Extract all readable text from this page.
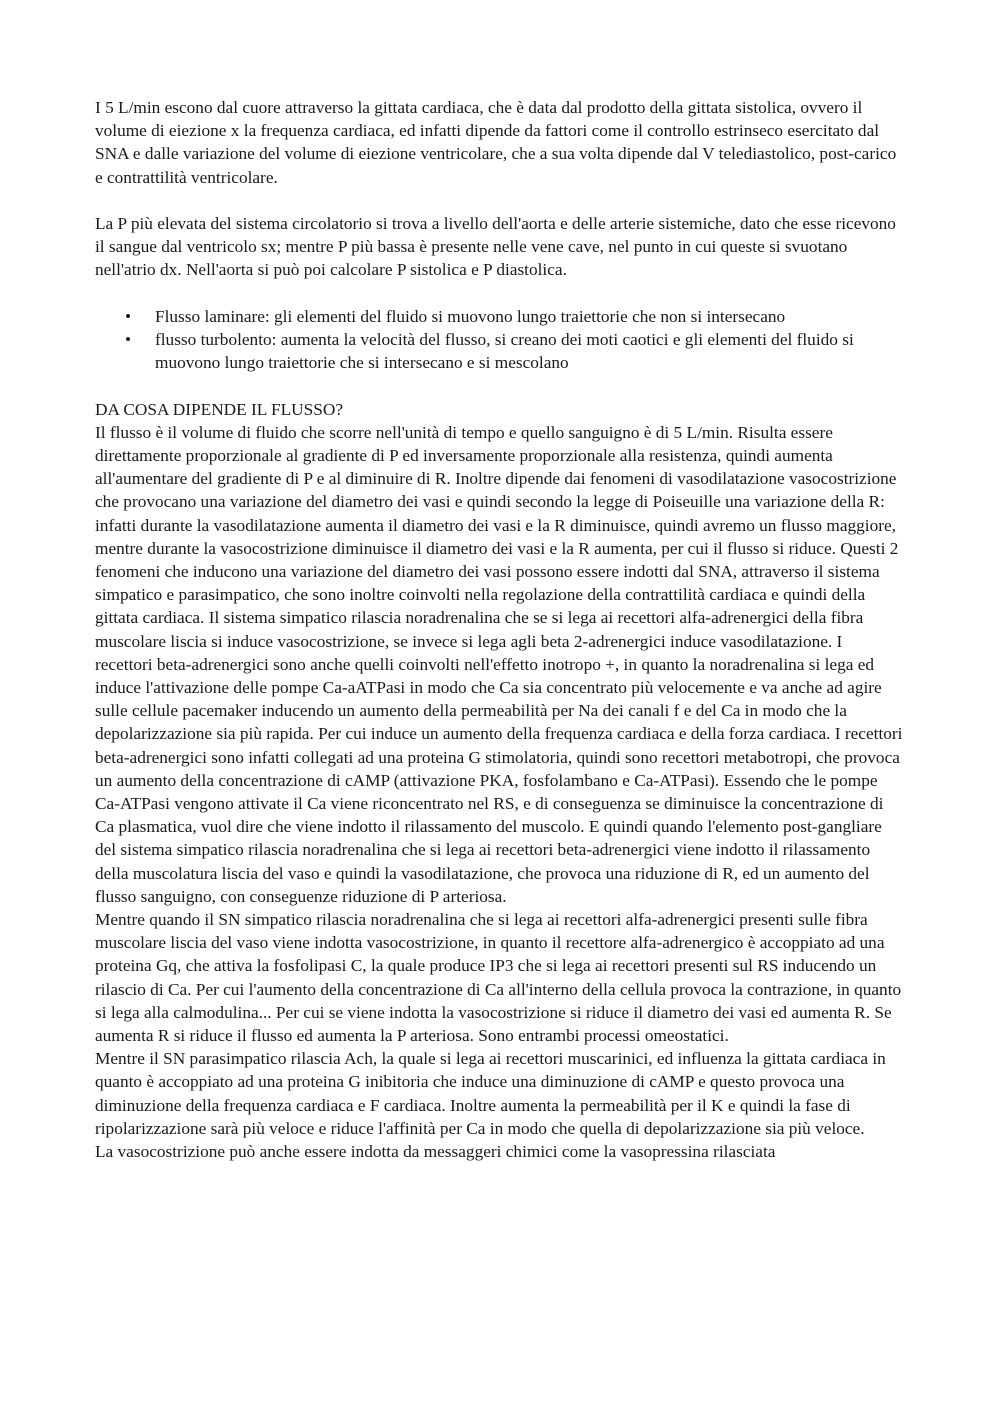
I 5 L/min escono dal cuore attraverso la gittata cardiaca, che è data dal prodotto della gittata sistolica, ovvero il volume di eiezione x la frequenza cardiaca, ed infatti dipende da fattori come il controllo estrinseco esercitato dal SNA e dalle variazione del volume di eiezione ventricolare, che a sua volta dipende dal V telediastolico, post-carico e contrattilità ventricolare.

La P più elevata del sistema circolatorio si trova a livello dell'aorta e delle arterie sistemiche, dato che esse ricevono il sangue dal ventricolo sx; mentre P più bassa è presente nelle vene cave, nel punto in cui queste si svuotano nell'atrio dx. Nell'aorta si può poi calcolare P sistolica e P diastolica.

• Flusso laminare: gli elementi del fluido si muovono lungo traiettorie che non si intersecano
• flusso turbolento: aumenta la velocità del flusso, si creano dei moti caotici e gli elementi del fluido si muovono lungo traiettorie che si intersecano e si mescolano

DA COSA DIPENDE IL FLUSSO?

Il flusso è il volume di fluido che scorre nell'unità di tempo e quello sanguigno è di 5 L/min. Risulta essere direttamente proporzionale al gradiente di P ed inversamente proporzionale alla resistenza, quindi aumenta all'aumentare del gradiente di P e al diminuire di R. Inoltre dipende dai fenomeni di vasodilatazione vasocostrizione che provocano una variazione del diametro dei vasi e quindi secondo la legge di Poiseuille una variazione della R: infatti durante la vasodilatazione aumenta il diametro dei vasi e la R diminuisce, quindi avremo un flusso maggiore, mentre durante la vasocostrizione diminuisce il diametro dei vasi e la R aumenta, per cui il flusso si riduce. Questi 2 fenomeni che inducono una variazione del diametro dei vasi possono essere indotti dal SNA, attraverso il sistema simpatico e parasimpatico, che sono inoltre coinvolti nella regolazione della contrattilità cardiaca e quindi della gittata cardiaca. Il sistema simpatico rilascia noradrenalina che se si lega ai recettori alfa-adrenergici della fibra muscolare liscia si induce vasocostrizione, se invece si lega agli beta 2-adrenergici induce vasodilatazione. I recettori beta-adrenergici sono anche quelli coinvolti nell'effetto inotropo +, in quanto la noradrenalina si lega ed induce l'attivazione delle pompe Ca-aATPasi in modo che Ca sia concentrato più velocemente e va anche ad agire sulle cellule pacemaker inducendo un aumento della permeabilità per Na dei canali f e del Ca in modo che la depolarizzazione sia più rapida. Per cui induce un aumento della frequenza cardiaca e della forza cardiaca. I recettori beta-adrenergici sono infatti collegati ad una proteina G stimolatoria, quindi sono recettori metabotropi, che provoca un aumento della concentrazione di cAMP (attivazione PKA, fosfolambano e Ca-ATPasi). Essendo che le pompe Ca-ATPasi vengono attivate il Ca viene riconcentrato nel RS, e di conseguenza se diminuisce la concentrazione di Ca plasmatica, vuol dire che viene indotto il rilassamento del muscolo. E quindi quando l'elemento post-gangliare del sistema simpatico rilascia noradrenalina che si lega ai recettori beta-adrenergici viene indotto il rilassamento della muscolatura liscia del vaso e quindi la vasodilatazione, che provoca una riduzione di R, ed un aumento del flusso sanguigno, con conseguenze riduzione di P arteriosa.

Mentre quando il SN simpatico rilascia noradrenalina che si lega ai recettori alfa-adrenergici presenti sulle fibra muscolare liscia del vaso viene indotta vasocostrizione, in quanto il recettore alfa-adrenergico è accoppiato ad una proteina Gq, che attiva la fosfolipasi C, la quale produce IP3 che si lega ai recettori presenti sul RS inducendo un rilascio di Ca. Per cui l'aumento della concentrazione di Ca all'interno della cellula provoca la contrazione, in quanto si lega alla calmodulina... Per cui se viene indotta la vasocostrizione si riduce il diametro dei vasi ed aumenta R. Se aumenta R si riduce il flusso ed aumenta la P arteriosa. Sono entrambi processi omeostatici.

Mentre il SN parasimpatico rilascia Ach, la quale si lega ai recettori muscarinici, ed influenza la gittata cardiaca in quanto è accoppiato ad una proteina G inibitoria che induce una diminuzione di cAMP e questo provoca una diminuzione della frequenza cardiaca e F cardiaca. Inoltre aumenta la permeabilità per il K e quindi la fase di ripolarizzazione sarà più veloce e riduce l'affinità per Ca in modo che quella di depolarizzazione sia più veloce.

La vasocostrizione può anche essere indotta da messaggeri chimici come la vasopressina rilasciata
